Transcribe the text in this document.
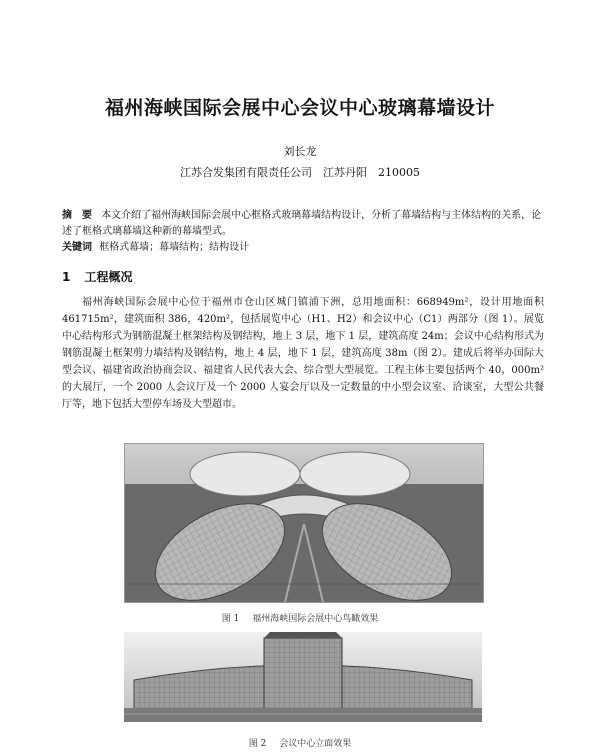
福州海峡国际会展中心会议中心玻璃幕墙设计
刘长龙
江苏合发集团有限责任公司　江苏丹阳　210005
摘　要 本文介绍了福州海峡国际会展中心框格式玻璃幕墙结构设计，分析了幕墙结构与主体结构的关系，论述了框格式璃幕墙这种新的幕墙型式。
关键词 框格式幕墙；幕墙结构；结构设计
1 工程概况
福州海峡国际会展中心位于福州市仓山区城门镇浦下洲，总用地面积：668949m²，设计用地面积 461715m²，建筑面积 386，420m²，包括展览中心（H1、H2）和会议中心（C1）两部分（图 1）。展览中心结构形式为钢筋混凝土框架结构及钢结构，地上 3 层，地下 1 层，建筑高度 24m；会议中心结构形式为钢筋混凝土框架剪力墙结构及钢结构，地上 4 层，地下 1 层，建筑高度 38m（图 2）。建成后将举办国际大型会议、福建省政治协商会议、福建省人民代表大会、综合型大型展览。工程主体主要包括两个 40，000m² 的大展厅，一个 2000 人会议厅及一个 2000 人宴会厅以及一定数量的中小型会议室、洽谈室，大型公共餐厅等，地下包括大型停车场及大型超市。
图 1 福州海峡国际会展中心鸟瞰效果
图 2 会议中心立面效果
